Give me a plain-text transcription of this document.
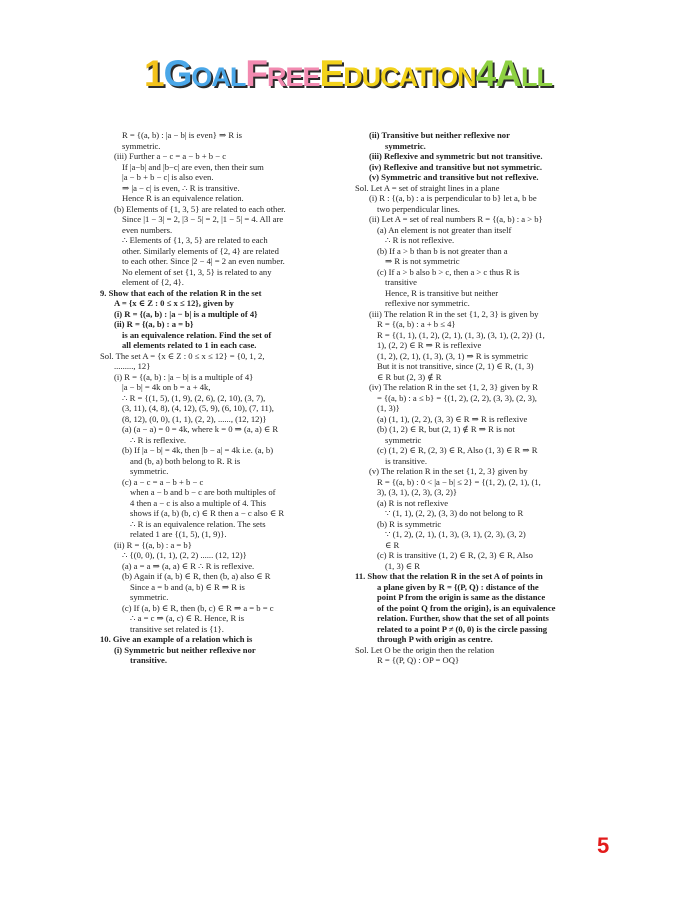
1GOALFREEEDUCATION4ALL
R = {(a, b) : |a − b| is even} ⇒ R is
symmetric.
(iii) Further a − c = a − b + b − c
If |a−b| and |b−c| are even, then their sum
|a − b + b − c| is also even.
⇒ |a − c| is even, ∴ R is transitive.
Hence R is an equivalence relation.
(b) Elements of {1, 3, 5} are related to each other.
Since |1 − 3| = 2, |3 − 5| = 2, |1 − 5| = 4. All are
even numbers.
∴ Elements of {1, 3, 5} are related to each
other. Similarly elements of {2, 4} are related
to each other. Since |2 − 4| = 2 an even number.
No element of set {1, 3, 5} is related to any
element of {2, 4}.
9. Show that each of the relation R in the set
A = {x ∈ Z : 0 ≤ x ≤ 12}, given by
(i) R = {(a, b) : |a − b| is a multiple of 4}
(ii) R = {(a, b) : a = b}
is an equivalence relation. Find the set of
all elements related to 1 in each case.
Sol. The set A = {x ∈ Z : 0 ≤ x ≤ 12} = {0, 1, 2,
........., 12}
(i) R = {(a, b) : |a − b| is a multiple of 4}
|a − b| = 4k on b = a + 4k,
∴ R = {(1, 5), (1, 9), (2, 6), (2, 10), (3, 7),
(3, 11), (4, 8), (4, 12), (5, 9), (6, 10), (7, 11),
(8, 12), (0, 0), (1, 1), (2, 2), ......, (12, 12)}
(a) (a − a) = 0 = 4k, where k = 0 ⇒ (a, a) ∈ R
∴ R is reflexive.
(b) If |a − b| = 4k, then |b − a| = 4k i.e. (a, b)
and (b, a) both belong to R. R is
symmetric.
(c) a − c = a − b + b − c
when a − b and b − c are both multiples of
4 then a − c is also a multiple of 4. This
shows if (a, b) (b, c) ∈ R then a − c also ∈ R
∴ R is an equivalence relation. The sets
related 1 are {(1, 5), (1, 9)}.
(ii) R = {(a, b) : a = b}
∴ {(0, 0), (1, 1), (2, 2) ...... (12, 12)}
(a) a = a ⇒ (a, a) ∈ R ∴ R is reflexive.
(b) Again if (a, b) ∈ R, then (b, a) also ∈ R
Since a = b and (a, b) ∈ R ⇒ R is
symmetric.
(c) If (a, b) ∈ R, then (b, c) ∈ R ⇒ a = b = c
∴ a = c ⇒ (a, c) ∈ R. Hence, R is
transitive set related is {1}.
10. Give an example of a relation which is
(i) Symmetric but neither reflexive nor
transitive.
(ii) Transitive but neither reflexive nor
symmetric.
(iii) Reflexive and symmetric but not transitive.
(iv) Reflexive and transitive but not symmetric.
(v) Symmetric and transitive but not reflexive.
Sol. Let A = set of straight lines in a plane
(i) R : {(a, b) : a is perpendicular to b} let a, b be
two perpendicular lines.
(ii) Let A = set of real numbers R = {(a, b) : a > b}
(a) An element is not greater than itself
∴ R is not reflexive.
(b) If a > b than b is not greater than a
⇒ R is not symmetric
(c) If a > b also b > c, then a > c thus R is
transitive
Hence, R is transitive but neither
reflexive nor symmetric.
(iii) The relation R in the set {1, 2, 3} is given by
R = {(a, b) : a + b ≤ 4}
R = {(1, 1), (1, 2), (2, 1), (1, 3), (3, 1), (2, 2)} (1,
1), (2, 2) ∈ R ⇒ R is reflexive
(1, 2), (2, 1), (1, 3), (3, 1) ⇒ R is symmetric
But it is not transitive, since (2, 1) ∈ R, (1, 3)
∈ R but (2, 3) ∉ R
(iv) The relation R in the set {1, 2, 3} given by R
= {(a, b) : a ≤ b} = {(1, 2), (2, 2), (3, 3), (2, 3),
(1, 3)}
(a) (1, 1), (2, 2), (3, 3) ∈ R ⇒ R is reflexive
(b) (1, 2) ∈ R, but (2, 1) ∉ R ⇒ R is not
symmetric
(c) (1, 2) ∈ R, (2, 3) ∈ R, Also (1, 3) ∈ R ⇒ R
is transitive.
(v) The relation R in the set {1, 2, 3} given by
R = {(a, b) : 0 < |a − b| ≤ 2} = {(1, 2), (2, 1), (1,
3), (3, 1), (2, 3), (3, 2)}
(a) R is not reflexive
∵ (1, 1), (2, 2), (3, 3) do not belong to R
(b) R is symmetric
∵ (1, 2), (2, 1), (1, 3), (3, 1), (2, 3), (3, 2)
∈ R
(c) R is transitive (1, 2) ∈ R, (2, 3) ∈ R, Also
(1, 3) ∈ R
11. Show that the relation R in the set A of points in
a plane given by R = {(P, Q) : distance of the
point P from the origin is same as the distance
of the point Q from the origin}, is an equivalence
relation. Further, show that the set of all points
related to a point P ≠ (0, 0) is the circle passing
through P with origin as centre.
Sol. Let O be the origin then the relation
R = {(P, Q) : OP = OQ}
5
